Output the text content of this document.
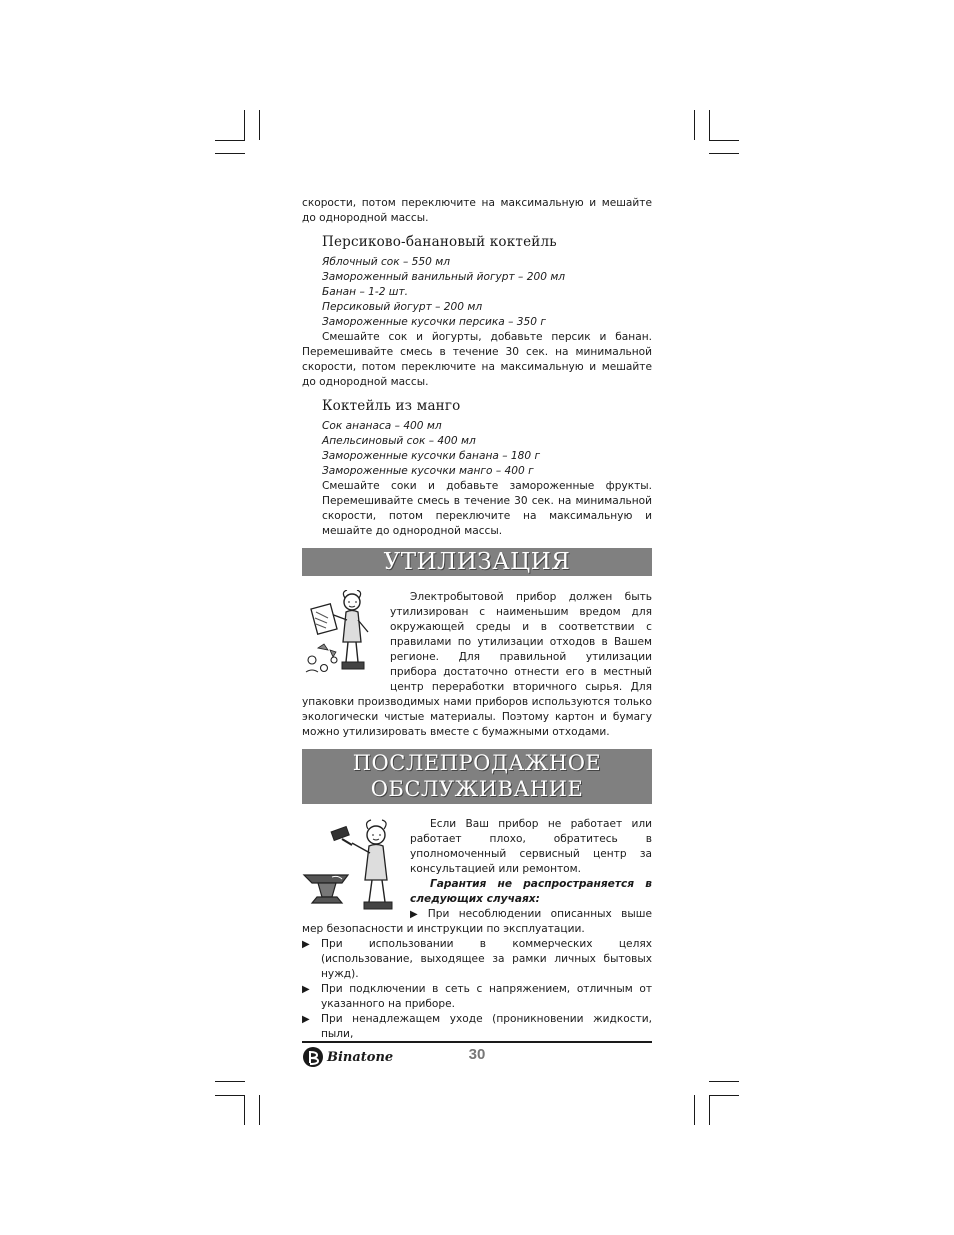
скорости, потом переключите на максимальную и мешайте до однородной массы.

Персиково-банановый коктейль

Яблочный сок – 550 мл

Замороженный ванильный йогурт – 200 мл

Банан – 1-2 шт.

Персиковый йогурт – 200 мл

Замороженные кусочки персика – 350 г

Смешайте сок и йогурты, добавьте персик и банан. Перемешивайте смесь в течение 30 сек. на минимальной скорости, потом переключите на максимальную и мешайте до однородной массы.

Коктейль из манго

Сок ананаса – 400 мл

Апельсиновый сок – 400 мл

Замороженные кусочки банана – 180 г

Замороженные кусочки манго – 400 г

Смешайте соки и добавьте замороженные фрукты. Перемешивайте смесь в течение 30 сек. на минимальной скорости, потом переключите на максимальную и мешайте до однородной массы.

УТИЛИЗАЦИЯ

Электробытовой прибор должен быть утилизирован с наименьшим вредом для окружающей среды и в соответствии с правилами по утилизации отходов в Вашем регионе. Для правильной утилизации прибора достаточно отнести его в местный центр переработки вторичного сырья. Для упаковки производимых нами приборов используются только экологически чистые материалы. Поэтому картон и бумагу можно утилизировать вместе с бумажными отходами.

ПОСЛЕПРОДАЖНОЕ
ОБСЛУЖИВАНИЕ

Если Ваш прибор не работает или работает плохо, обратитесь в уполномоченный сервисный центр за консультацией или ремонтом.

Гарантия не распространяется в следующих случаях:

▶ При несоблюдении описанных выше мер безопасности и инструкции по эксплуатации.

▶ При использовании в коммерческих целях (использование, выходящее за рамки личных бытовых нужд).

▶ При подключении в сеть с напряжением, отличным от указанного на приборе.

▶ При ненадлежащем уходе (проникновении жидкости, пыли,

Binatone	30
